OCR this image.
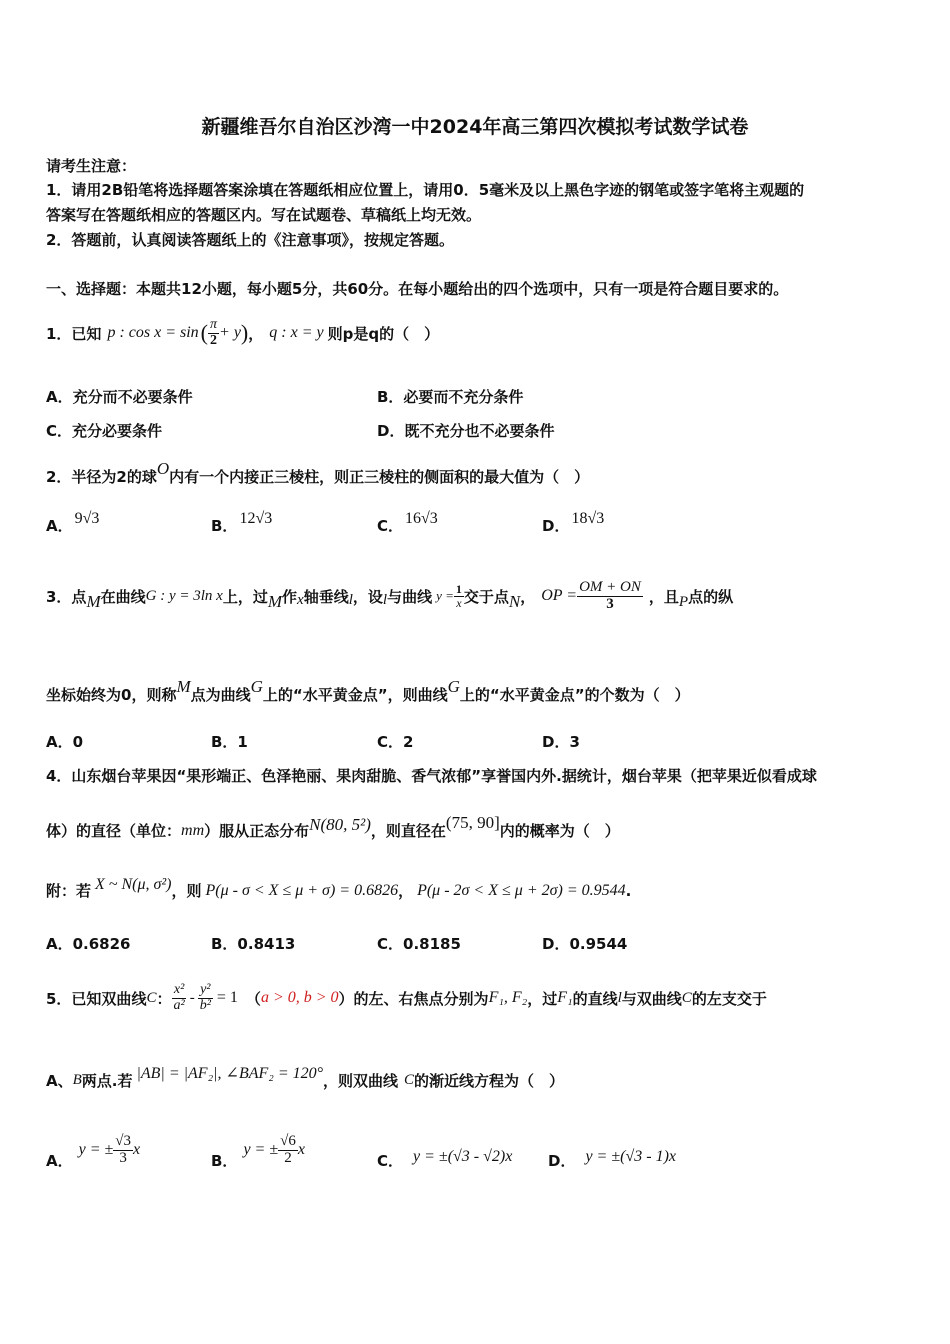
新疆维吾尔自治区沙湾一中2024年高三第四次模拟考试数学试卷
请考生注意：
1．请用2B铅笔将选择题答案涂填在答题纸相应位置上，请用0．5毫米及以上黑色字迹的钢笔或签字笔将主观题的
答案写在答题纸相应的答题区内。写在试题卷、草稿纸上均无效。
2．答题前，认真阅读答题纸上的《注意事项》，按规定答题。
一、选择题：本题共12小题，每小题5分，共60分。在每小题给出的四个选项中，只有一项是符合题目要求的。
1．已知 p : cos x = sin ( $\frac{\pi}{2} + y$ ) ， q : x = y 则p是q的（　）
A．充分而不必要条件	B．必要而不充分条件
C．充分必要条件	D．既不充分也不必要条件
2．半径为2的球O内有一个内接正三棱柱，则正三棱柱的侧面积的最大值为（　）
A． 9√3	B． 12√3	C． 16√3	D． 18√3
3．点 M 在曲线 G : y = 3ln x 上，过 M 作 x 轴垂线 l ，设 l 与曲线 $y = \frac{1}{x}$ 交于点 N ， OP = $\frac{OM + ON}{3}$ ，且 P 点的纵
坐标始终为0，则称 M 点为曲线 G 上的“水平黄金点”，则曲线 G 上的“水平黄金点”的个数为（　）
A．0	B．1	C．2	D．3
4．山东烟台苹果因“果形端正、色泽艳丽、果肉甜脆、香气浓郁”享誉国内外.据统计，烟台苹果（把苹果近似看成球
体）的直径（单位： mm ）服从正态分布 N(80, 5²) ，则直径在 (75, 90] 内的概率为（　）
附：若 X ~ N(μ, σ²) ，则 P(μ - σ < X ≤ μ + σ) = 0.6826 ， P(μ - 2σ < X ≤ μ + 2σ) = 0.9544 .
A．0.6826	B．0.8413	C．0.8185	D．0.9544
5．已知双曲线 C ： $\frac{\text{x²}}{\text{a²}} - \frac{\text{y²}}{\text{b²}} = 1$ （ a > 0, b > 0 ） 的左、右焦点分别为 F₁, F₂ ，过 F₁ 的直线 l 与双曲线 C 的左支交于
A、 B 两点.若 |AB| = |AF₂|, ∠BAF₂ = 120° ，则双曲线 C 的渐近线方程为（　）
A．
y = ± $\frac{√3}{3}$ x
B．
y = ± $\frac{√6}{2}$ x
C． y = ±(√3 - √2)x D． y = ±(√3 - 1)x
